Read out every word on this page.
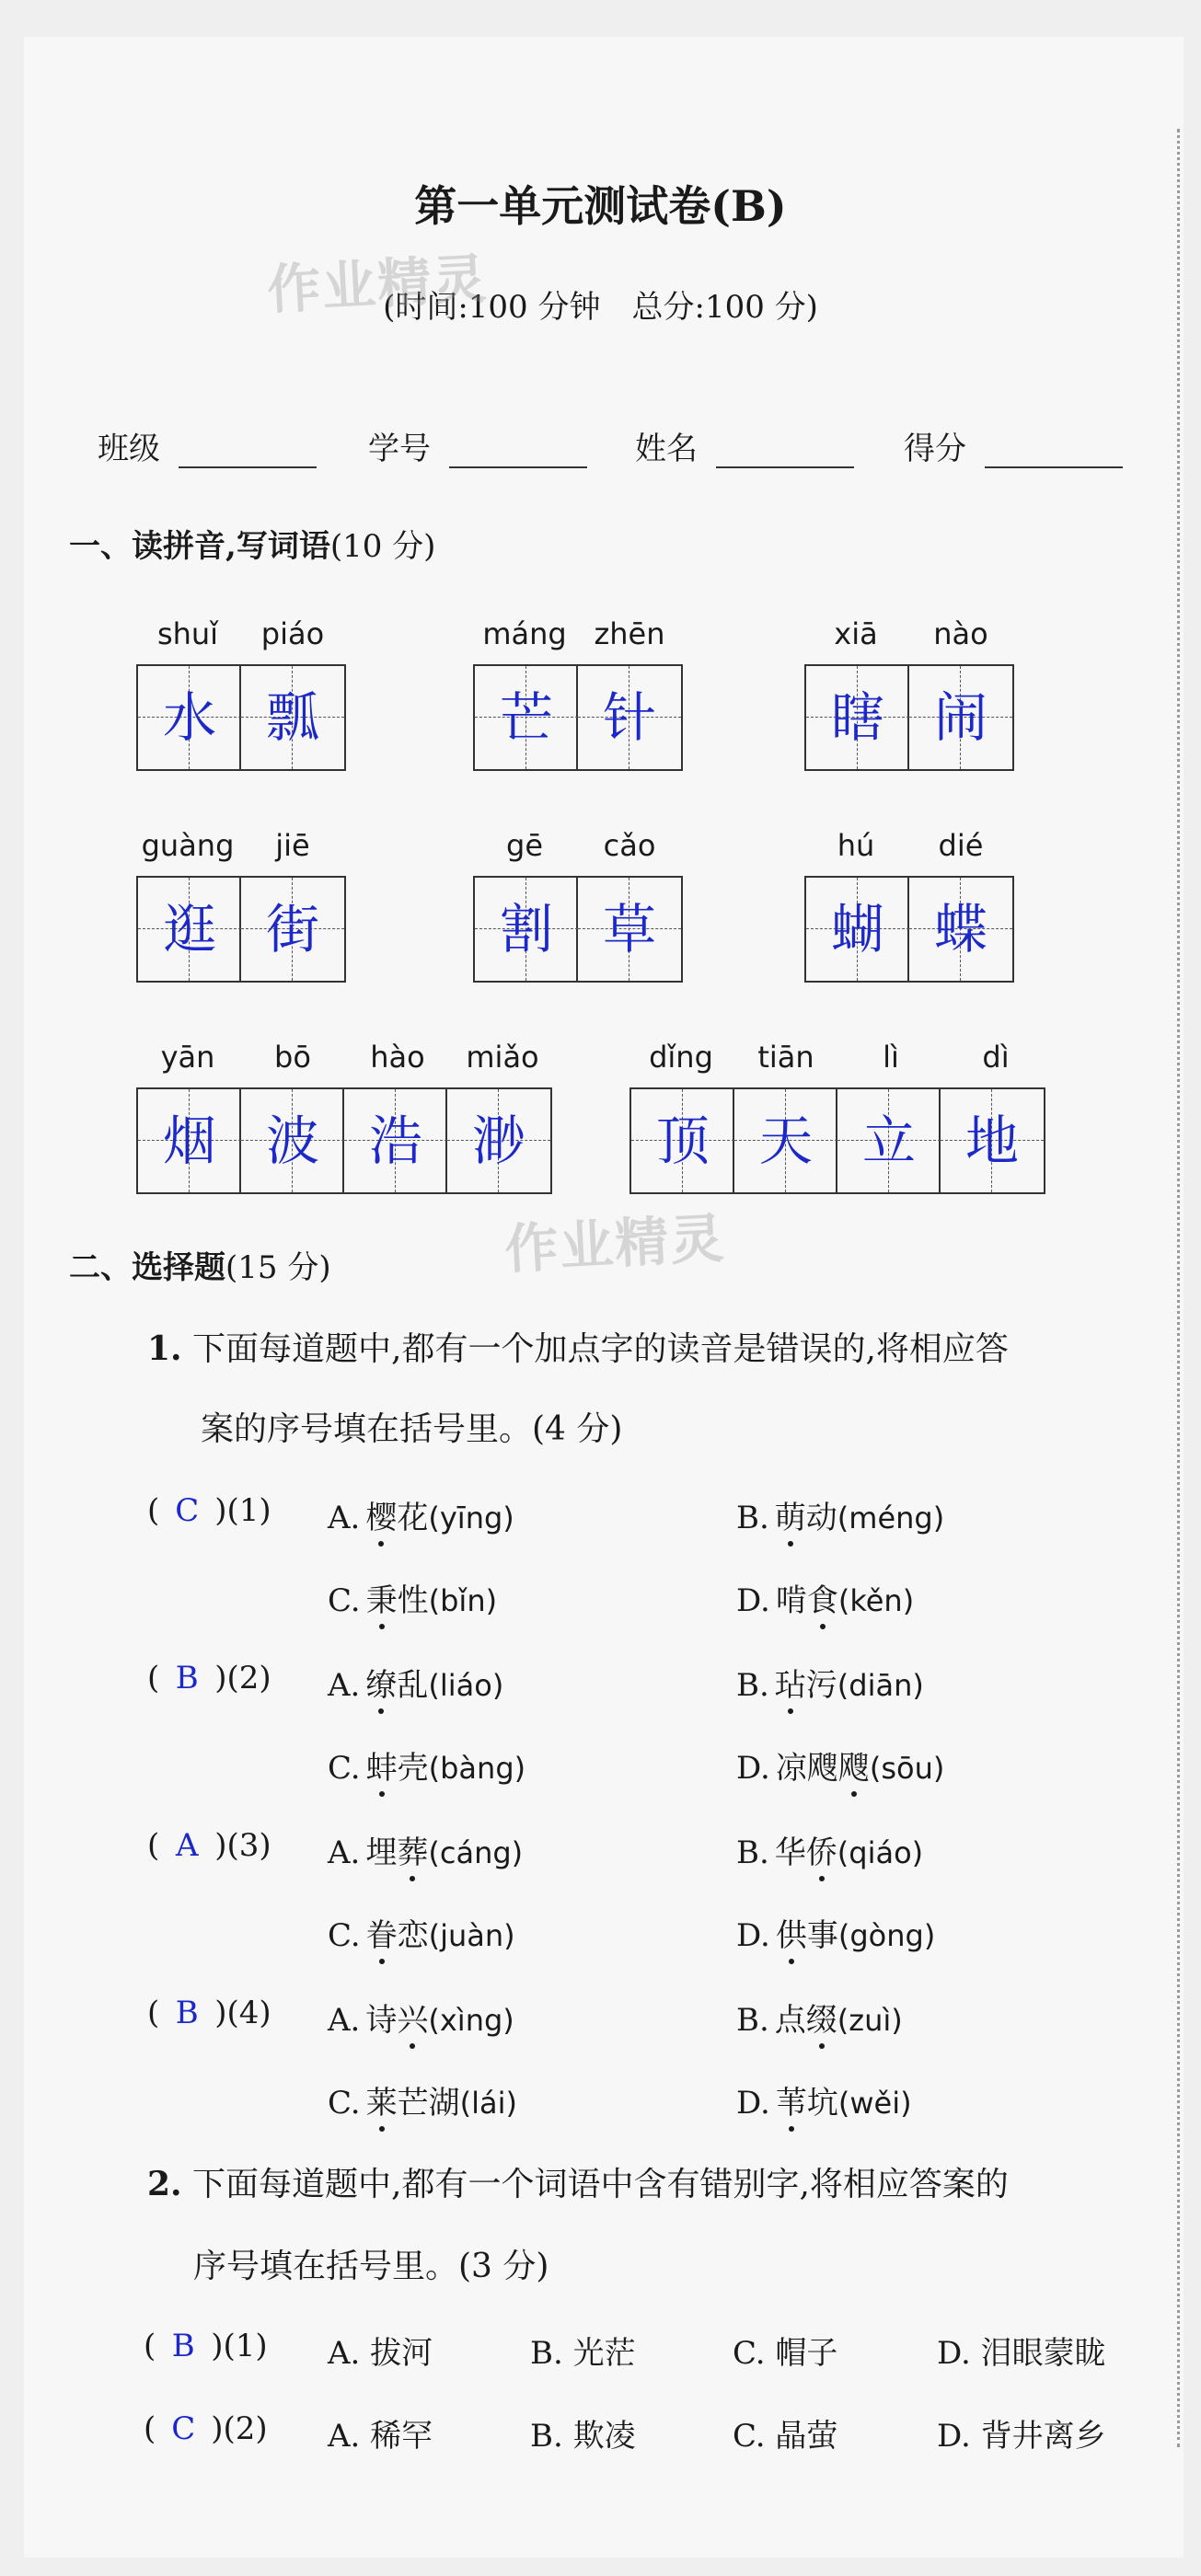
第一单元测试卷(B)
(时间:100 分钟　总分:100 分)
作业精灵
作业精灵
班级	学号	姓名	得分
一、读拼音,写词语(10 分)
shuǐ	piáo
水 瓢
máng zhēn
芒 针
xiā	nào
瞎 闹
guàng	jiē
逛 街
gē	cǎo
割 草
hú	dié
蝴 蝶
yān	bō	hào	miǎo
烟 波 浩 渺
dǐng	tiān	lì	dì
顶 天 立 地
二、选择题(15 分)
1. 下面每道题中,都有一个加点字的读音是错误的,将相应答
案的序号填在括号里。(4 分)
( C )(1) A. 樱花(yīng)	B. 萌动(méng)
C. 秉性(bǐn)	D. 啃食(kěn)
( B )(2) A. 缭乱(liáo)	B. 玷污(diān)
C. 蚌壳(bàng)	D. 凉飕飕(sōu)
( A )(3) A. 埋葬(cáng)	B. 华侨(qiáo)
C. 眷恋(juàn)	D. 供事(gòng)
( B )(4) A. 诗兴(xìng)	B. 点缀(zuì)
C. 莱芒湖(lái)	D. 苇坑(wěi)
2. 下面每道题中,都有一个词语中含有错别字,将相应答案的
序号填在括号里。(3 分)
( B )(1) A. 拔河	B. 光茫	C. 帽子	D. 泪眼蒙眬
( C )(2) A. 稀罕	B. 欺凌	C. 晶萤	D. 背井离乡
